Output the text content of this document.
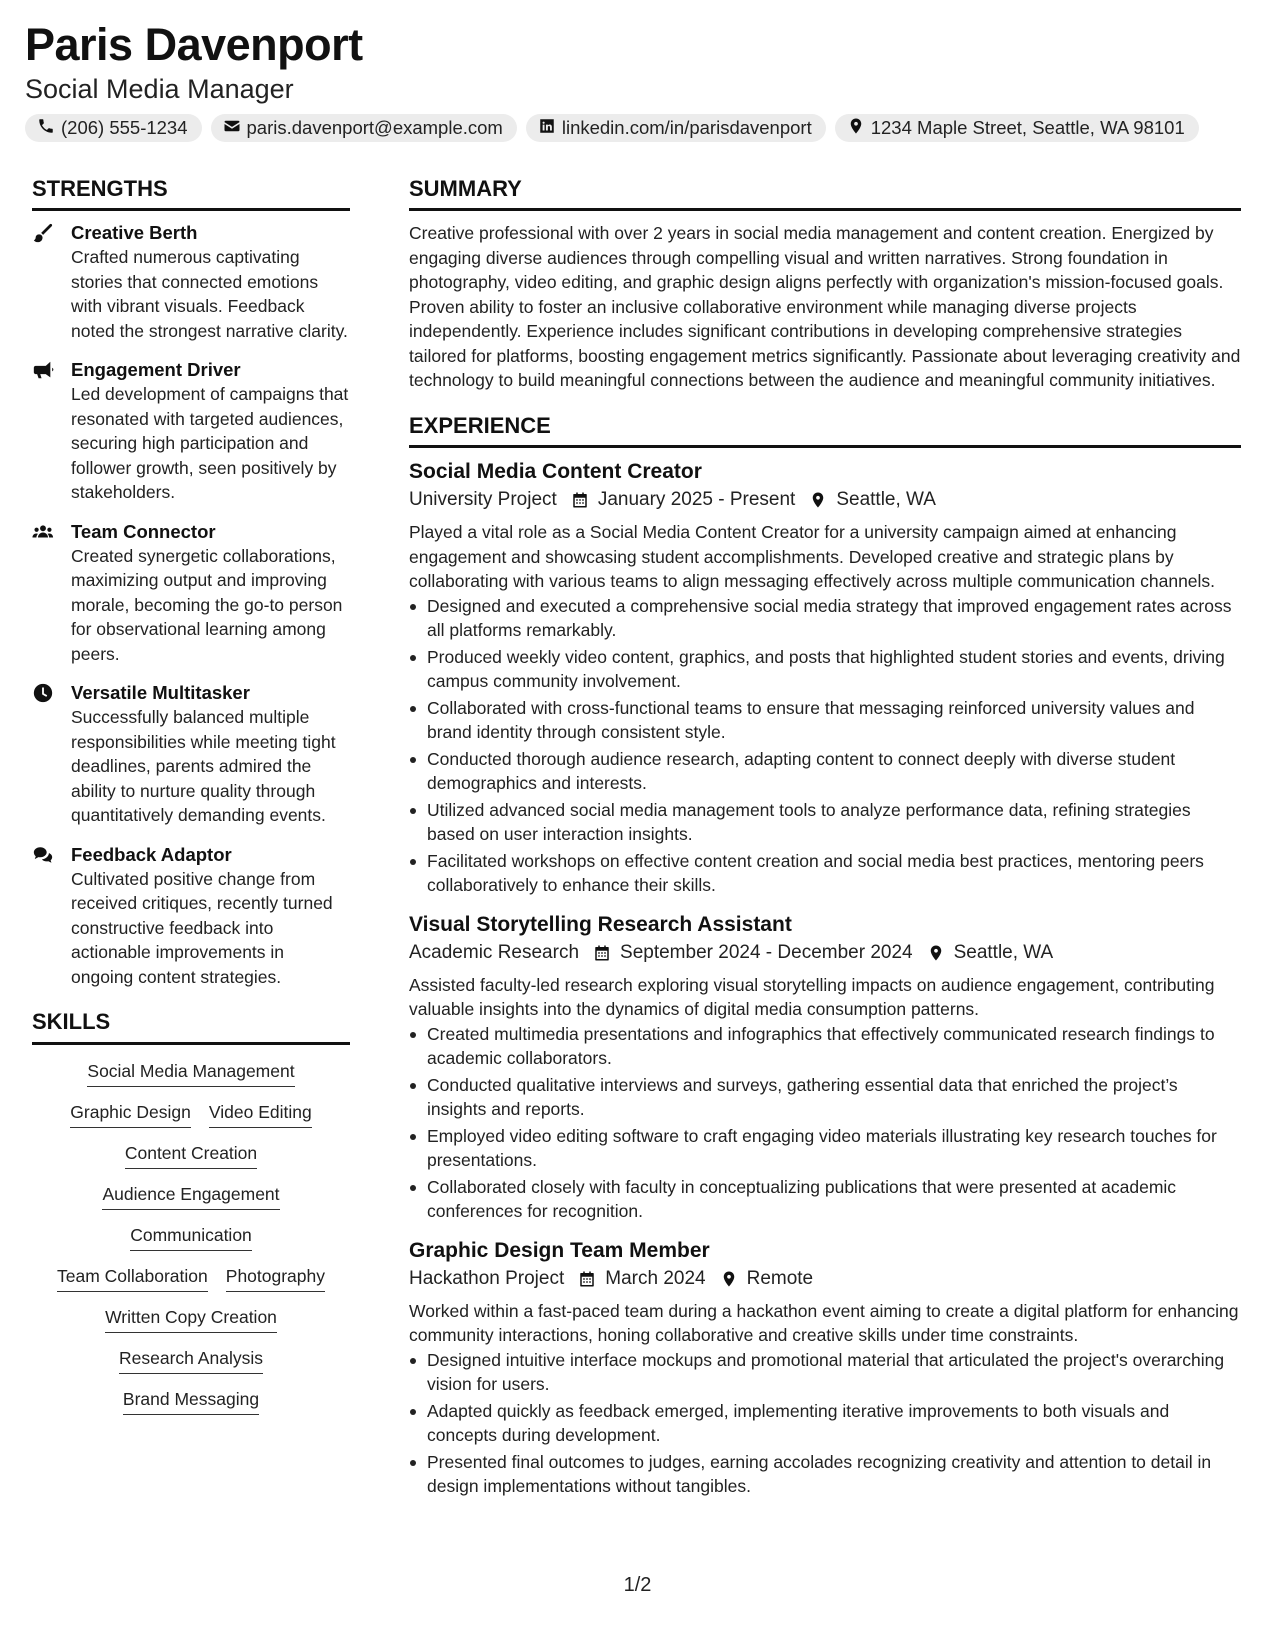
Paris Davenport
Social Media Manager
(206) 555-1234	paris.davenport@example.com	linkedin.com/in/parisdavenport	1234 Maple Street, Seattle, WA 98101
STRENGTHS
Creative Berth
Crafted numerous captivating stories that connected emotions with vibrant visuals. Feedback noted the strongest narrative clarity.
Engagement Driver
Led development of campaigns that resonated with targeted audiences, securing high participation and follower growth, seen positively by stakeholders.
Team Connector
Created synergetic collaborations, maximizing output and improving morale, becoming the go-to person for observational learning among peers.
Versatile Multitasker
Successfully balanced multiple responsibilities while meeting tight deadlines, parents admired the ability to nurture quality through quantitatively demanding events.
Feedback Adaptor
Cultivated positive change from received critiques, recently turned constructive feedback into actionable improvements in ongoing content strategies.
SKILLS
Social Media Management
Graphic Design Video Editing
Content Creation
Audience Engagement
Communication
Team Collaboration Photography
Written Copy Creation
Research Analysis
Brand Messaging
SUMMARY
Creative professional with over 2 years in social media management and content creation. Energized by engaging diverse audiences through compelling visual and written narratives. Strong foundation in photography, video editing, and graphic design aligns perfectly with organization's mission-focused goals. Proven ability to foster an inclusive collaborative environment while managing diverse projects independently. Experience includes significant contributions in developing comprehensive strategies tailored for platforms, boosting engagement metrics significantly. Passionate about leveraging creativity and technology to build meaningful connections between the audience and meaningful community initiatives.
EXPERIENCE
Social Media Content Creator
University Project January 2025 - Present Seattle, WA
Played a vital role as a Social Media Content Creator for a university campaign aimed at enhancing engagement and showcasing student accomplishments. Developed creative and strategic plans by collaborating with various teams to align messaging effectively across multiple communication channels.
Designed and executed a comprehensive social media strategy that improved engagement rates across all platforms remarkably.
Produced weekly video content, graphics, and posts that highlighted student stories and events, driving campus community involvement.
Collaborated with cross-functional teams to ensure that messaging reinforced university values and brand identity through consistent style.
Conducted thorough audience research, adapting content to connect deeply with diverse student demographics and interests.
Utilized advanced social media management tools to analyze performance data, refining strategies based on user interaction insights.
Facilitated workshops on effective content creation and social media best practices, mentoring peers collaboratively to enhance their skills.
Visual Storytelling Research Assistant
Academic Research September 2024 - December 2024 Seattle, WA
Assisted faculty-led research exploring visual storytelling impacts on audience engagement, contributing valuable insights into the dynamics of digital media consumption patterns.
Created multimedia presentations and infographics that effectively communicated research findings to academic collaborators.
Conducted qualitative interviews and surveys, gathering essential data that enriched the project’s insights and reports.
Employed video editing software to craft engaging video materials illustrating key research touches for presentations.
Collaborated closely with faculty in conceptualizing publications that were presented at academic conferences for recognition.
Graphic Design Team Member
Hackathon Project March 2024 Remote
Worked within a fast-paced team during a hackathon event aiming to create a digital platform for enhancing community interactions, honing collaborative and creative skills under time constraints.
Designed intuitive interface mockups and promotional material that articulated the project's overarching vision for users.
Adapted quickly as feedback emerged, implementing iterative improvements to both visuals and concepts during development.
Presented final outcomes to judges, earning accolades recognizing creativity and attention to detail in design implementations without tangibles.
1/2
